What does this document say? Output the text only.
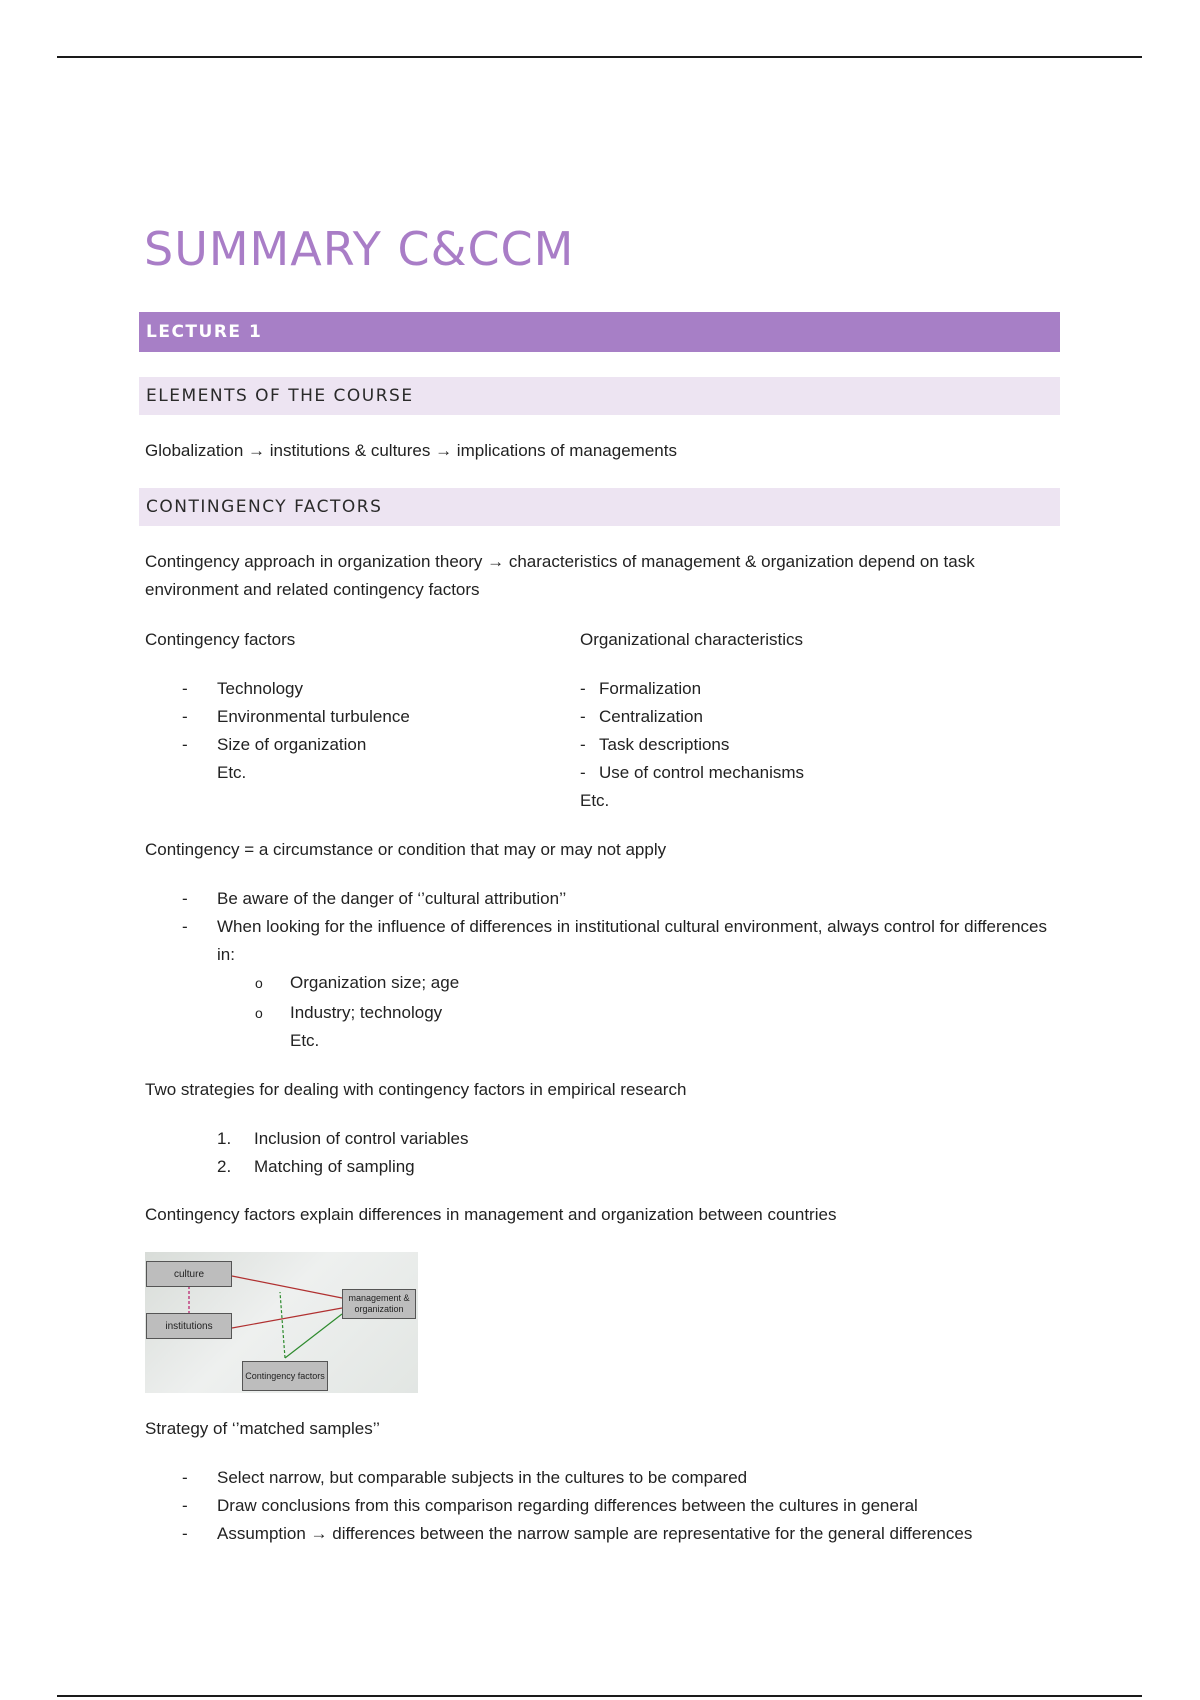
SUMMARY C&CCM
LECTURE 1
ELEMENTS OF THE COURSE
Globalization → institutions & cultures → implications of managements
CONTINGENCY FACTORS
Contingency approach in organization theory → characteristics of management & organization depend on task environment and related contingency factors
Contingency factors	Organizational characteristics
- Technology
- Environmental turbulence
- Size of organization
Etc.
- Formalization
- Centralization
- Task descriptions
- Use of control mechanisms
Etc.
Contingency = a circumstance or condition that may or may not apply
- Be aware of the danger of ‘’cultural attribution’’
- When looking for the influence of differences in institutional cultural environment, always control for differences in:
o Organization size; age
o Industry; technology
Etc.
Two strategies for dealing with contingency factors in empirical research
1. Inclusion of control variables
2. Matching of sampling
Contingency factors explain differences in management and organization between countries
culture
institutions
management & organization
Contingency factors
Strategy of ‘’matched samples’’
- Select narrow, but comparable subjects in the cultures to be compared
- Draw conclusions from this comparison regarding differences between the cultures in general
- Assumption → differences between the narrow sample are representative for the general differences
